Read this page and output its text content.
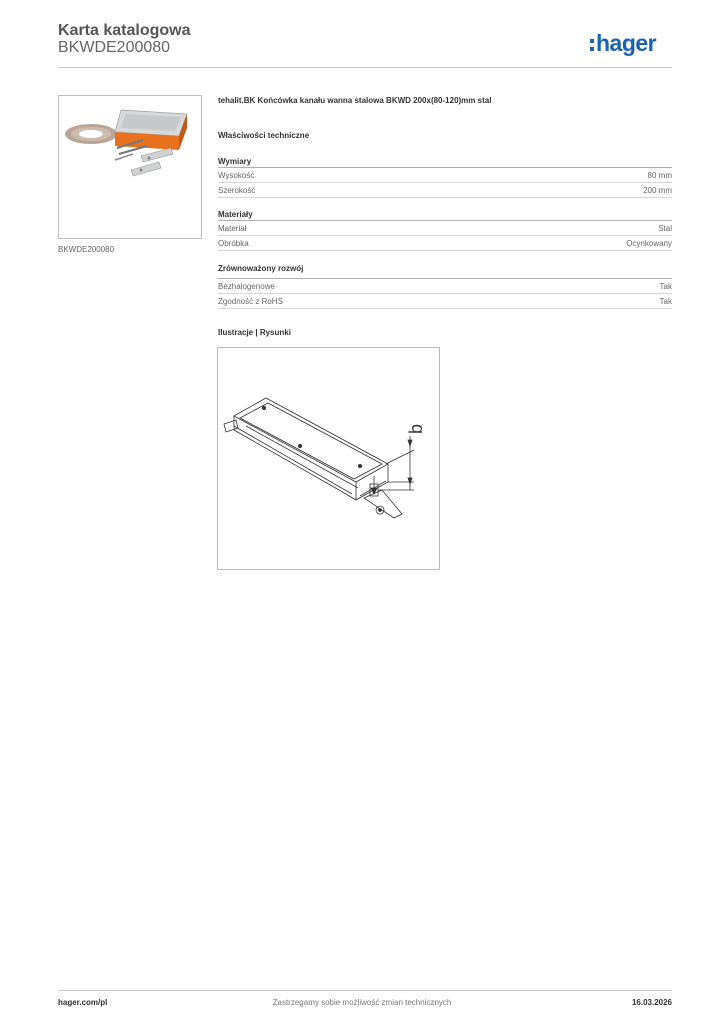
Karta katalogowa
BKWDE200080	hager
BKWDE200080
tehalit.BK Końcówka kanału wanna stalowa BKWD 200x(80-120)mm stal
Właściwości techniczne
Wymiary
Wysokość	80 mm
Szerokość	200 mm
Materiały
Materiał	Stal
Obróbka	Ocynkowany
Zrównoważony rozwój
Bezhalogenowe	Tak
Zgodność z RoHS	Tak
Ilustracje | Rysunki
b
hager.com/pl	Zastrzegamy sobie możliwość zmian technicznych	16.03.2026
